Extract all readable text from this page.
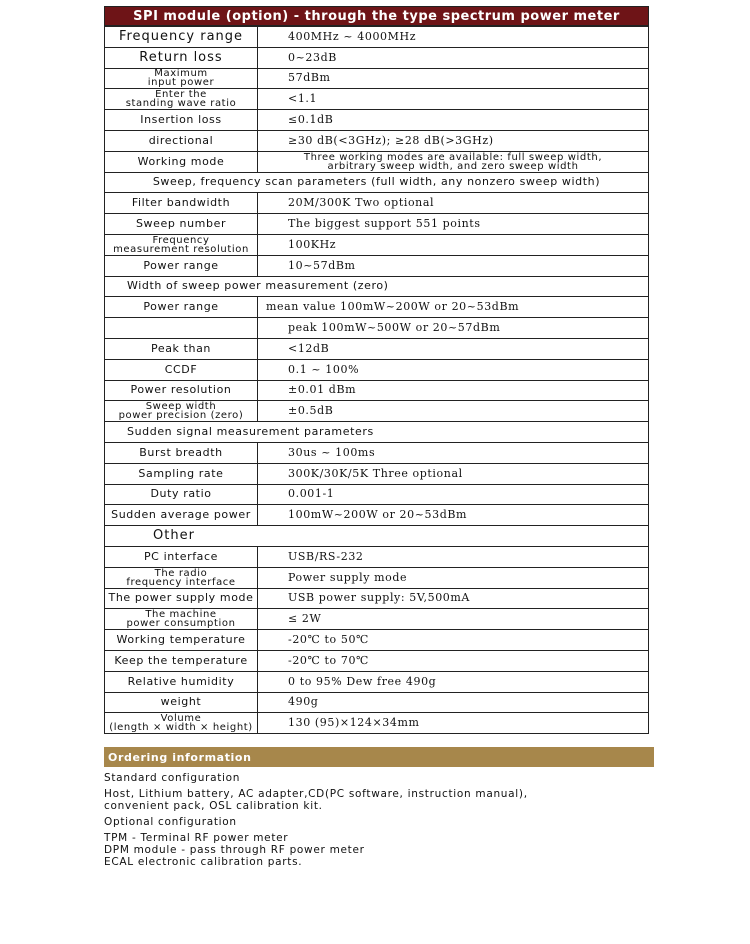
SPI module (option) - through the type spectrum power meter
Frequency range	400MHz ~ 4000MHz
Return loss	0~23dB

Maximum
input power	57dBm

Enter the
standing wave ratio	<1.1
Insertion loss	≤0.1dB
directional	≥30 dB(<3GHz); ≥28 dB(>3GHz)
Working mode	Three working modes are available: full sweep width,
arbitrary sweep width, and zero sweep width

Sweep, frequency scan parameters (full width, any nonzero sweep width)	
Filter bandwidth	20M/300K Two optional
Sweep number	The biggest support 551 points

Frequency
measurement resolution	100KHz
Power range	10~57dBm
Width of sweep power measurement (zero)	
Power range	mean value 100mW~200W or 20~53dBm
	peak 100mW~500W or 20~57dBm
Peak than	<12dB
CCDF	0.1 ~ 100%
Power resolution	±0.01 dBm

Sweep width
power precision (zero)	±0.5dB
Sudden signal measurement parameters	
Burst breadth	30us ~ 100ms
Sampling rate	300K/30K/5K Three optional
Duty ratio	0.001-1
Sudden average power	100mW~200W or 20~53dBm
Other	
PC interface	USB/RS-232

The radio
frequency interface	Power supply mode
The power supply mode	USB power supply: 5V,500mA

The machine
power consumption	≤ 2W
Working temperature	-20℃ to 50℃
Keep the temperature	-20℃ to 70℃
Relative humidity	0 to 95% Dew free 490g
weight	490g

Volume
(length × width × height)	130 (95)×124×34mm
Ordering information

Standard configuration

Host, Lithium battery, AC adapter,CD(PC software, instruction manual),

convenient pack, OSL calibration kit.

Optional configuration

TPM - Terminal RF power meter

DPM module - pass through RF power meter

ECAL electronic calibration parts.
